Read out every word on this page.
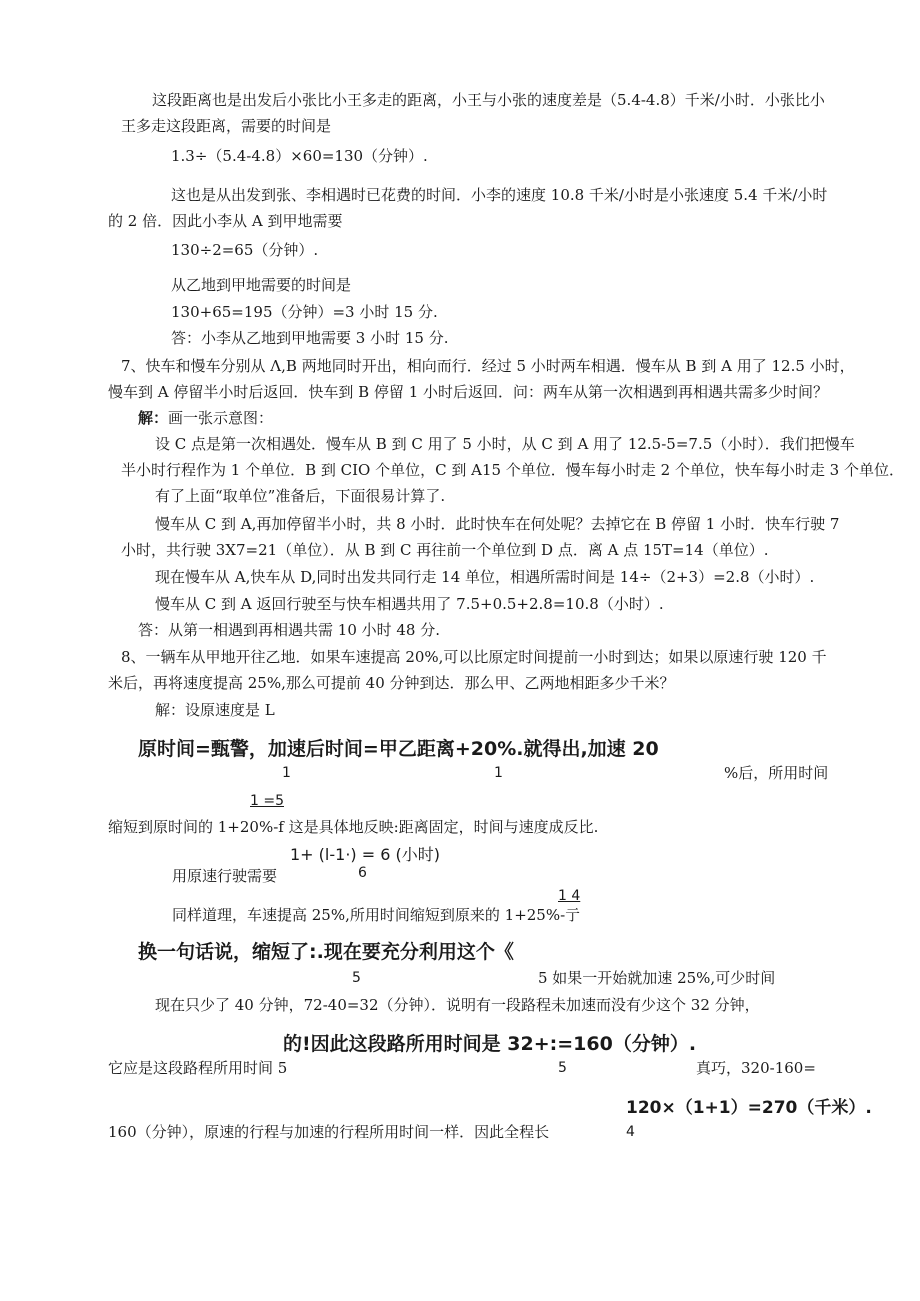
这段距离也是出发后小张比小王多走的距离，小王与小张的速度差是（5.4-4.8）千米/小时．小张比小
王多走这段距离，需要的时间是
1.3÷（5.4-4.8）×60=130（分钟）.
这也是从出发到张、李相遇时已花费的时间．小李的速度 10.8 千米/小时是小张速度 5.4 千米/小时
的 2 倍．因此小李从 A 到甲地需要
130÷2=65（分钟）.
从乙地到甲地需要的时间是
130+65=195（分钟）=3 小时 15 分.
答：小李从乙地到甲地需要 3 小时 15 分.
7、快车和慢车分别从 Λ,B 两地同时开出，相向而行．经过 5 小时两车相遇．慢车从 B 到 A 用了 12.5 小时，
慢车到 A 停留半小时后返回．快车到 B 停留 1 小时后返回．问：两车从第一次相遇到再相遇共需多少时间？
解：画一张示意图：
设 C 点是第一次相遇处．慢车从 B 到 C 用了 5 小时，从 C 到 A 用了 12.5-5=7.5（小时）．我们把慢车
半小时行程作为 1 个单位．B 到 CIO 个单位，C 到 A15 个单位．慢车每小时走 2 个单位，快车每小时走 3 个单位．
有了上面“取单位”准备后，下面很易计算了.
慢车从 C 到 A,再加停留半小时，共 8 小时．此时快车在何处呢？去掉它在 B 停留 1 小时．快车行驶 7
小时，共行驶 3X7=21（单位）．从 B 到 C 再往前一个单位到 D 点．离 A 点 15T=14（单位）.
现在慢车从 A,快车从 D,同时出发共同行走 14 单位，相遇所需时间是 14÷（2+3）=2.8（小时）.
慢车从 C 到 A 返回行驶至与快车相遇共用了 7.5+0.5+2.8=10.8（小时）.
答：从第一相遇到再相遇共需 10 小时 48 分.
8、一辆车从甲地开往乙地．如果车速提高 20%,可以比原定时间提前一小时到达；如果以原速行驶 120 千
米后，再将速度提高 25%,那么可提前 40 分钟到达．那么甲、乙两地相距多少千米？
解：设原速度是 L
原时间=甄警，加速后时间=甲乙距离+20%.就得出,加速 20
1	1	%后，所用时间
1 =5
缩短到原时间的 1+20%-f 这是具体地反映:距离固定，时间与速度成反比.
1+ (l-1·) = 6 (小时)
用原速行驶需要	6
1 4
同样道理，车速提高 25%,所用时间缩短到原来的 1+25%-亍
换一句话说，缩短了:.现在要充分利用这个《
5	5 如果一开始就加速 25%,可少时间
现在只少了 40 分钟，72-40=32（分钟）．说明有一段路程未加速而没有少这个 32 分钟，
的!因此这段路所用时间是 32+:=160（分钟）.
它应是这段路程所用时间 5	5	真巧，320-160=
120×（1+1）=270（千米）.
160（分钟），原速的行程与加速的行程所用时间一样．因此全程长	4
